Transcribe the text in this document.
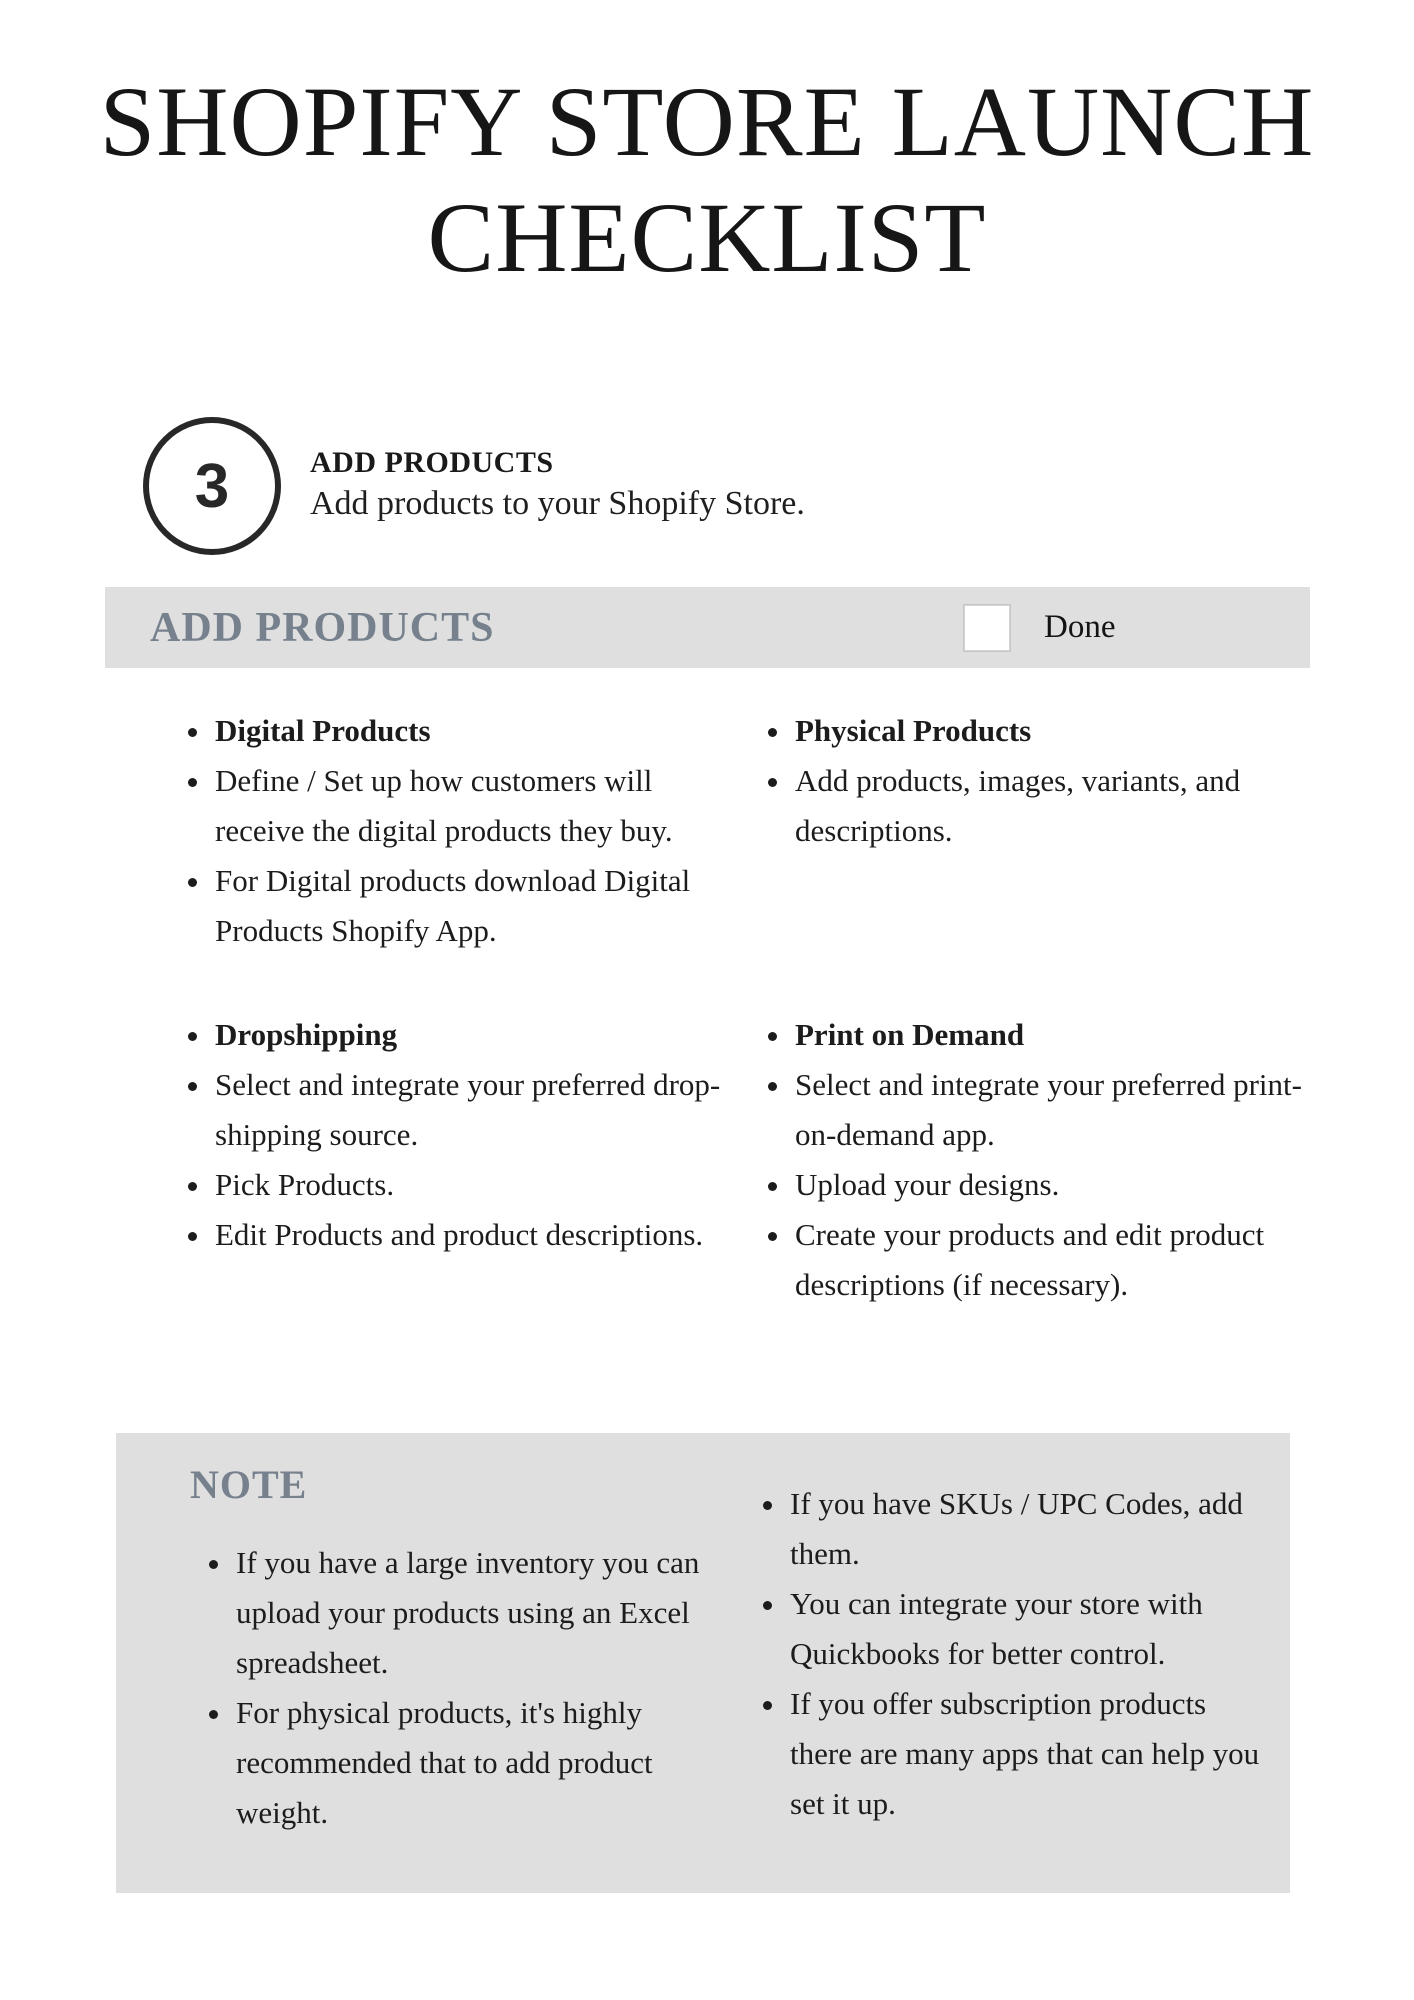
SHOPIFY STORE LAUNCH
CHECKLIST
3	ADD PRODUCTS
Add products to your Shopify Store.
ADD PRODUCTS	Done
• Digital Products
• Define / Set up how customers will receive the digital products they buy.
• For Digital products download Digital Products Shopify App.
• Physical Products
• Add products, images, variants, and descriptions.
• Dropshipping
• Select and integrate your preferred drop-shipping source.
• Pick Products.
• Edit Products and product descriptions.
• Print on Demand
• Select and integrate your preferred print-on-demand app.
• Upload your designs.
• Create your products and edit product descriptions (if necessary).
NOTE
• If you have a large inventory you can upload your products using an Excel spreadsheet.
• For physical products, it's highly recommended that to add product weight.
• If you have SKUs / UPC Codes, add them.
• You can integrate your store with Quickbooks for better control.
• If you offer subscription products there are many apps that can help you set it up.
